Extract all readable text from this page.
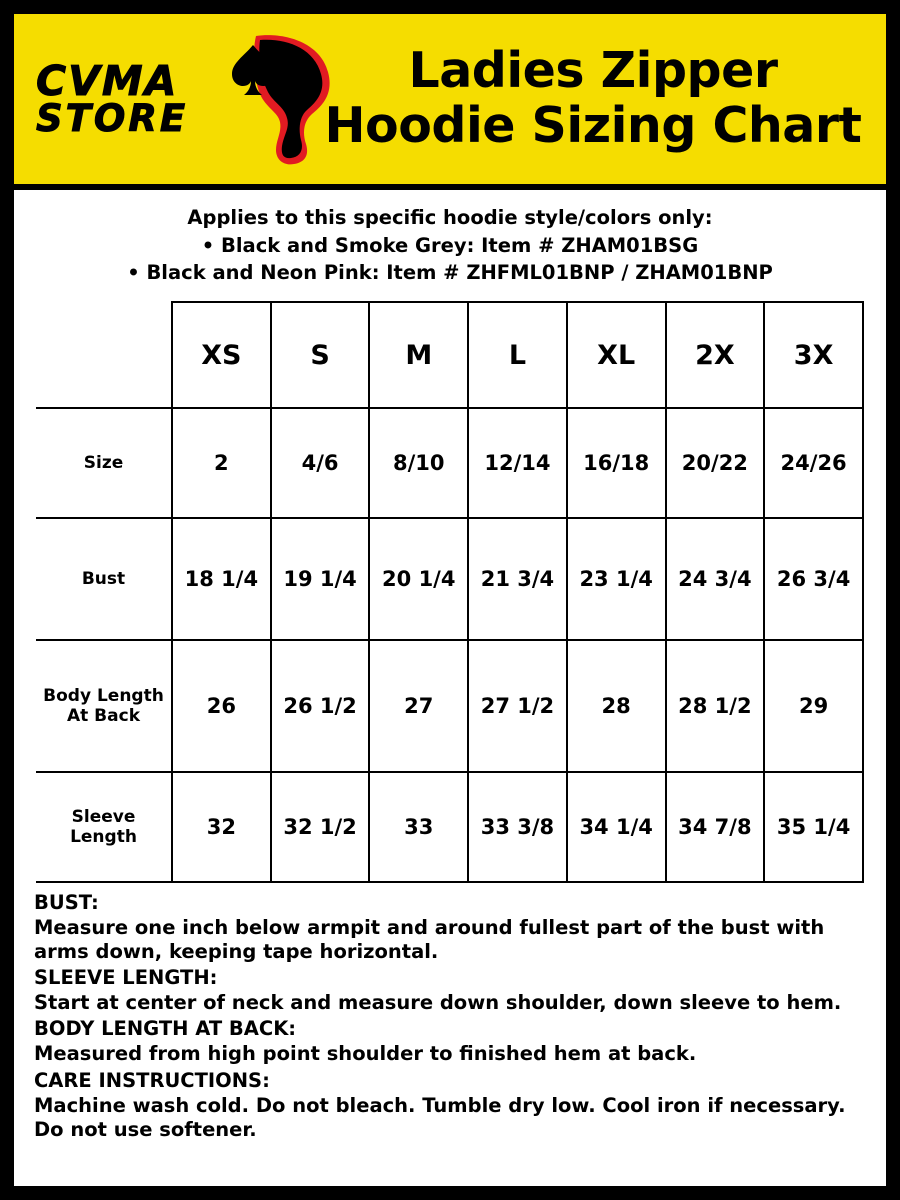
CVMA
STORE
Ladies Zipper
Hoodie Sizing Chart
Applies to this specific hoodie style/colors only:
• Black and Smoke Grey: Item # ZHAM01BSG
• Black and Neon Pink: Item # ZHFML01BNP / ZHAM01BNP
	XS	S	M	L	XL	2X	3X
Size	2	4/6	8/10	12/14	16/18	20/22	24/26
Bust	18 1/4	19 1/4	20 1/4	21 3/4	23 1/4	24 3/4	26 3/4
Body Length At Back	26	26 1/2	27	27 1/2	28	28 1/2	29
Sleeve Length	32	32 1/2	33	33 3/8	34 1/4	34 7/8	35 1/4
BUST:
Measure one inch below armpit and around fullest part of the bust with arms down, keeping tape horizontal.
SLEEVE LENGTH:
Start at center of neck and measure down shoulder, down sleeve to hem.
BODY LENGTH AT BACK:
Measured from high point shoulder to finished hem at back.
CARE INSTRUCTIONS:
Machine wash cold. Do not bleach. Tumble dry low. Cool iron if necessary. Do not use softener.
